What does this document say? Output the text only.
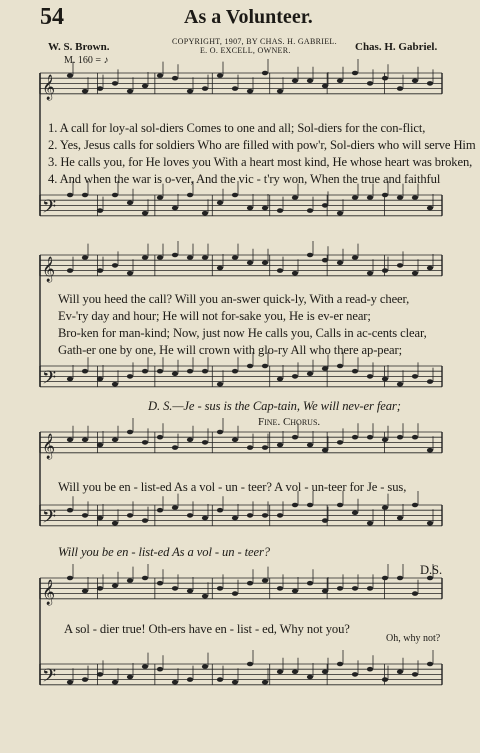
54	As a Volunteer.
COPYRIGHT, 1907, BY CHAS. H. GABRIEL.
E. O. EXCELL, OWNER.
W. S. Brown.	Chas. H. Gabriel.
M. 160 = ♪
𝄞
𝄢
𝄞
𝄢
𝄞
𝄢
𝄞
𝄢
1. A call for loy-al sol-diers Comes to one and all; Sol-diers for the con-flict,
2. Yes, Jesus calls for soldiers Who are filled with pow'r, Sol-diers who will serve Him
3. He calls you, for He loves you With a heart most kind, He whose heart was broken,
4. And when the war is o-ver, And the vic - t'ry won, When the true and faithful
Will you heed the call? Will you an-swer quick-ly, With a read-y cheer,
Ev-'ry day and hour; He will not for-sake you, He is ev-er near;
Bro-ken for man-kind; Now, just now He calls you, Calls in ac-cents clear,
Gath-er one by one, He will crown with glo-ry All who there ap-pear;
D. S.—Je - sus is the Cap-tain, We will nev-er fear;
Fine. Chorus.
Will you be en - list-ed As a vol - un - teer? A vol - un-teer for Je - sus,
Will you be en - list-ed As a vol - un - teer?
D.S.
A sol - dier true! Oth-ers have en - list - ed, Why not you?
Oh, why not?
